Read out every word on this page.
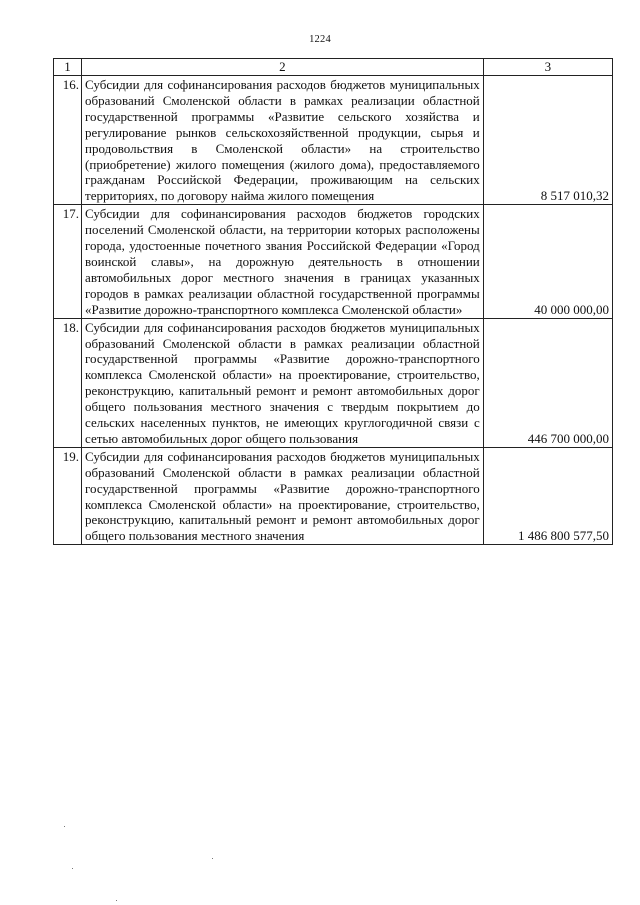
1224
1	2	3
16.	Субсидии для софинансирования расходов бюджетов муниципальных образований Смоленской области в рамках реализации областной государственной программы «Развитие сельского хозяйства и регулирование рынков сельскохозяйственной продукции, сырья и продовольствия в Смоленской области» на строительство (приобретение) жилого помещения (жилого дома), предоставляемого гражданам Российской Федерации, проживающим на сельских территориях, по договору найма жилого помещения	8 517 010,32
17.	Субсидии для софинансирования расходов бюджетов городских поселений Смоленской области, на территории которых расположены города, удостоенные почетного звания Российской Федерации «Город воинской славы», на дорожную деятельность в отношении автомобильных дорог местного значения в границах указанных городов в рамках реализации областной государственной программы «Развитие дорожно-транспортного комплекса Смоленской области»	40 000 000,00
18.	Субсидии для софинансирования расходов бюджетов муниципальных образований Смоленской области в рамках реализации областной государственной программы «Развитие дорожно-транспортного комплекса Смоленской области» на проектирование, строительство, реконструкцию, капитальный ремонт и ремонт автомобильных дорог общего пользования местного значения с твердым покрытием до сельских населенных пунктов, не имеющих круглогодичной связи с сетью автомобильных дорог общего пользования	446 700 000,00
19.	Субсидии для софинансирования расходов бюджетов муниципальных образований Смоленской области в рамках реализации областной государственной программы «Развитие дорожно-транспортного комплекса Смоленской области» на проектирование, строительство, реконструкцию, капитальный ремонт и ремонт автомобильных дорог общего пользования местного значения	1 486 800 577,50
